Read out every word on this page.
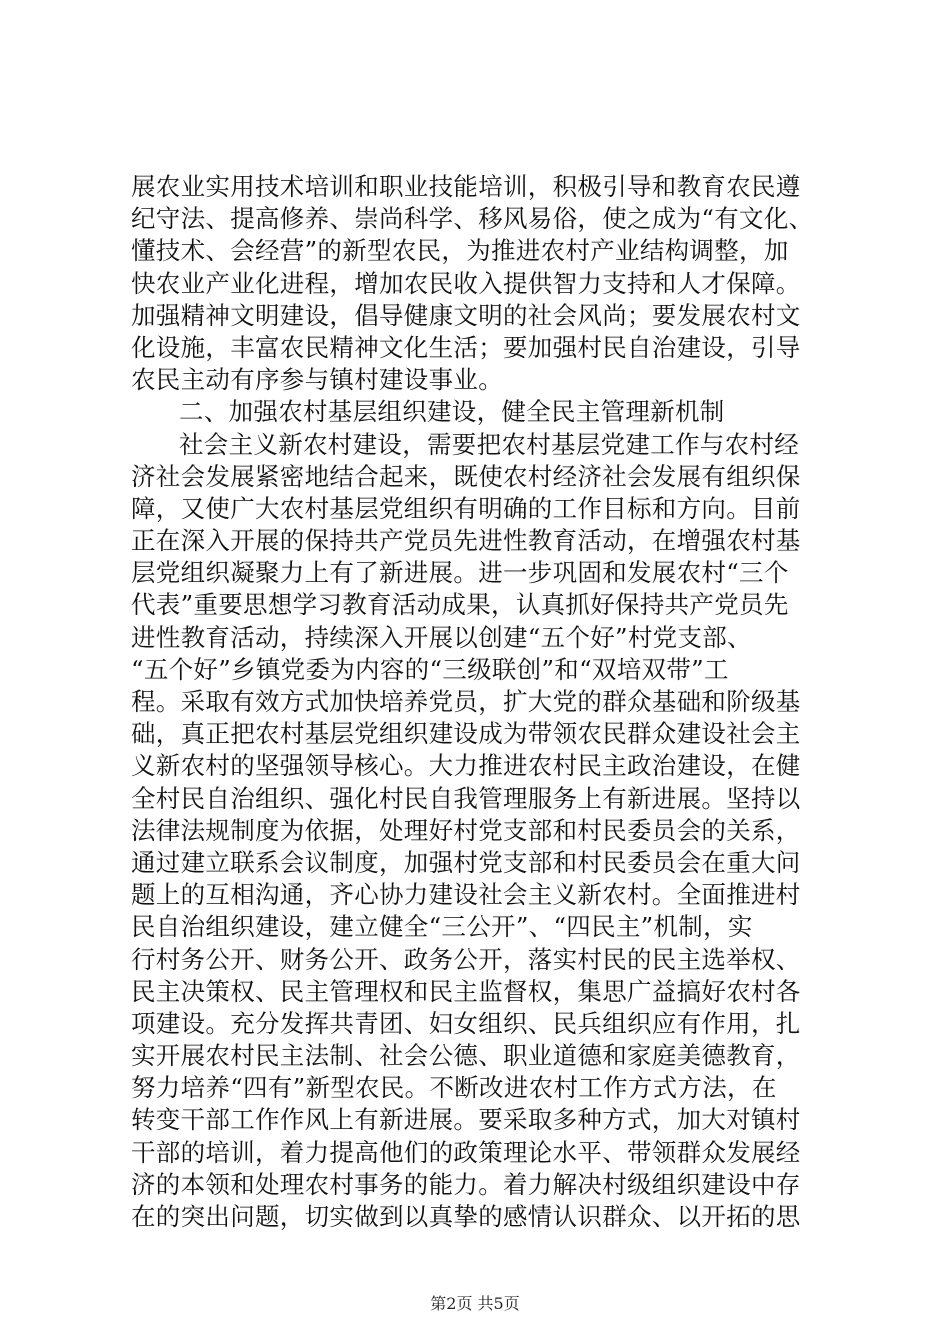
展农业实用技术培训和职业技能培训，积极引导和教育农民遵
纪守法、提高修养、崇尚科学、移风易俗，使之成为“有文化、
懂技术、会经营”的新型农民，为推进农村产业结构调整，加
快农业产业化进程，增加农民收入提供智力支持和人才保障。
加强精神文明建设，倡导健康文明的社会风尚；要发展农村文
化设施，丰富农民精神文化生活；要加强村民自治建设，引导
农民主动有序参与镇村建设事业。
二、加强农村基层组织建设，健全民主管理新机制
社会主义新农村建设，需要把农村基层党建工作与农村经
济社会发展紧密地结合起来，既使农村经济社会发展有组织保
障，又使广大农村基层党组织有明确的工作目标和方向。目前
正在深入开展的保持共产党员先进性教育活动，在增强农村基
层党组织凝聚力上有了新进展。进一步巩固和发展农村“三个
代表”重要思想学习教育活动成果，认真抓好保持共产党员先
进性教育活动，持续深入开展以创建“五个好”村党支部、
“五个好”乡镇党委为内容的“三级联创”和“双培双带”工
程。采取有效方式加快培养党员，扩大党的群众基础和阶级基
础，真正把农村基层党组织建设成为带领农民群众建设社会主
义新农村的坚强领导核心。大力推进农村民主政治建设，在健
全村民自治组织、强化村民自我管理服务上有新进展。坚持以
法律法规制度为依据，处理好村党支部和村民委员会的关系，
通过建立联系会议制度，加强村党支部和村民委员会在重大问
题上的互相沟通，齐心协力建设社会主义新农村。全面推进村
民自治组织建设，建立健全“三公开”、“四民主”机制，实
行村务公开、财务公开、政务公开，落实村民的民主选举权、
民主决策权、民主管理权和民主监督权，集思广益搞好农村各
项建设。充分发挥共青团、妇女组织、民兵组织应有作用，扎
实开展农村民主法制、社会公德、职业道德和家庭美德教育，
努力培养“四有”新型农民。不断改进农村工作方式方法，在
转变干部工作作风上有新进展。要采取多种方式，加大对镇村
干部的培训，着力提高他们的政策理论水平、带领群众发展经
济的本领和处理农村事务的能力。着力解决村级组织建设中存
在的突出问题，切实做到以真挚的感情认识群众、以开拓的思
第2页 共5页
